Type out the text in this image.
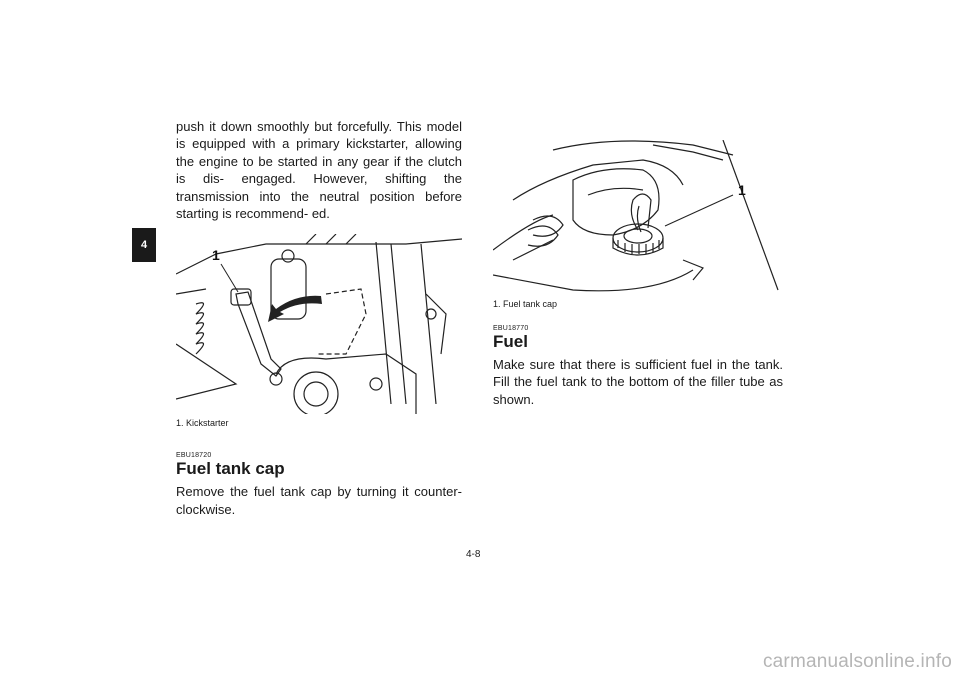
4

push it down smoothly but forcefully. This model is equipped with a primary kickstarter, allowing the engine to be started in any gear if the clutch is dis- engaged. However, shifting the transmission into the neutral position before starting is recommend- ed.

1

1. Kickstarter

EBU18720

Fuel tank cap

Remove the fuel tank cap by turning it counter- clockwise.

1

1. Fuel tank cap

EBU18770

Fuel

Make sure that there is sufficient fuel in the tank. Fill the fuel tank to the bottom of the filler tube as shown.

4-8
carmanualsonline.info
